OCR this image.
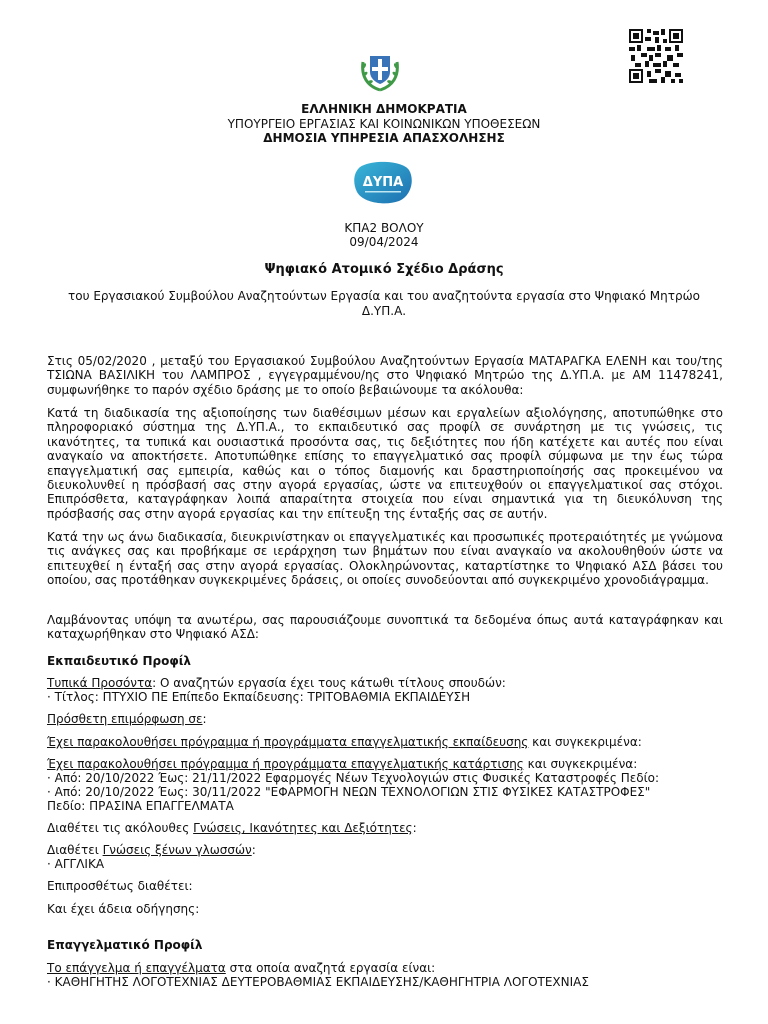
ΕΛΛΗΝΙΚΗ ΔΗΜΟΚΡΑΤΙΑ
ΥΠΟΥΡΓΕΙΟ ΕΡΓΑΣΙΑΣ ΚΑΙ ΚΟΙΝΩΝΙΚΩΝ ΥΠΟΘΕΣΕΩΝ
ΔΗΜΟΣΙΑ ΥΠΗΡΕΣΙΑ ΑΠΑΣΧΟΛΗΣΗΣ
ΔΥΠΑ
ΚΠΑ2 ΒΟΛΟΥ
09/04/2024
Ψηφιακό Ατομικό Σχέδιο Δράσης
του Εργασιακού Συμβούλου Αναζητούντων Εργασία και του αναζητούντα εργασία στο Ψηφιακό Μητρώο
Δ.ΥΠ.Α.
Στις 05/02/2020 , μεταξύ του Εργασιακού Συμβούλου Αναζητούντων Εργασία ΜΑΤΑΡΑΓΚΑ ΕΛΕΝΗ και του/της ΤΣΙΩΝΑ ΒΑΣΙΛΙΚΗ του ΛΑΜΠΡΟΣ , εγγεγραμμένου/ης στο Ψηφιακό Μητρώο της Δ.ΥΠ.Α. με ΑΜ 11478241, συμφωνήθηκε το παρόν σχέδιο δράσης με το οποίο βεβαιώνουμε τα ακόλουθα:
Κατά τη διαδικασία της αξιοποίησης των διαθέσιμων μέσων και εργαλείων αξιολόγησης, αποτυπώθηκε στο πληροφοριακό σύστημα της Δ.ΥΠ.Α., το εκπαιδευτικό σας προφίλ σε συνάρτηση με τις γνώσεις, τις ικανότητες, τα τυπικά και ουσιαστικά προσόντα σας, τις δεξιότητες που ήδη κατέχετε και αυτές που είναι αναγκαίο να αποκτήσετε. Αποτυπώθηκε επίσης το επαγγελματικό σας προφίλ σύμφωνα με την έως τώρα επαγγελματική σας εμπειρία, καθώς και ο τόπος διαμονής και δραστηριοποίησής σας προκειμένου να διευκολυνθεί η πρόσβασή σας στην αγορά εργασίας, ώστε να επιτευχθούν οι επαγγελματικοί σας στόχοι. Επιπρόσθετα, καταγράφηκαν λοιπά απαραίτητα στοιχεία που είναι σημαντικά για τη διευκόλυνση της πρόσβασής σας στην αγορά εργασίας και την επίτευξη της ένταξής σας σε αυτήν.
Κατά την ως άνω διαδικασία, διευκρινίστηκαν οι επαγγελματικές και προσωπικές προτεραιότητές με γνώμονα τις ανάγκες σας και προβήκαμε σε ιεράρχηση των βημάτων που είναι αναγκαίο να ακολουθηθούν ώστε να επιτευχθεί η ένταξή σας στην αγορά εργασίας. Ολοκληρώνοντας, καταρτίστηκε το Ψηφιακό ΑΣΔ βάσει του οποίου, σας προτάθηκαν συγκεκριμένες δράσεις, οι οποίες συνοδεύονται από συγκεκριμένο χρονοδιάγραμμα.
Λαμβάνοντας υπόψη τα ανωτέρω, σας παρουσιάζουμε συνοπτικά τα δεδομένα όπως αυτά καταγράφηκαν και καταχωρήθηκαν στο Ψηφιακό ΑΣΔ:
Εκπαιδευτικό Προφίλ
Τυπικά Προσόντα: Ο αναζητών εργασία έχει τους κάτωθι τίτλους σπουδών:
· Τίτλος: ΠΤΥΧΙΟ ΠΕ Επίπεδο Εκπαίδευσης: ΤΡΙΤΟΒΑΘΜΙΑ ΕΚΠΑΙΔΕΥΣΗ
Πρόσθετη επιμόρφωση σε:
Έχει παρακολουθήσει πρόγραμμα ή προγράμματα επαγγελματικής εκπαίδευσης και συγκεκριμένα:
Έχει παρακολουθήσει πρόγραμμα ή προγράμματα επαγγελματικής κατάρτισης και συγκεκριμένα:
· Από: 20/10/2022 Έως: 21/11/2022 Εφαρμογές Νέων Τεχνολογιών στις Φυσικές Καταστροφές Πεδίο:
· Από: 20/10/2022 Έως: 30/11/2022 "ΕΦΑΡΜΟΓΗ ΝΕΩΝ ΤΕΧΝΟΛΟΓΙΩΝ ΣΤΙΣ ΦΥΣΙΚΕΣ ΚΑΤΑΣΤΡΟΦΕΣ"
Πεδίο: ΠΡΑΣΙΝΑ ΕΠΑΓΓΕΛΜΑΤΑ
Διαθέτει τις ακόλουθες Γνώσεις, Ικανότητες και Δεξιότητες:
Διαθέτει Γνώσεις ξένων γλωσσών:
· ΑΓΓΛΙΚΑ
Επιπροσθέτως διαθέτει:
Και έχει άδεια οδήγησης:
Επαγγελματικό Προφίλ
Το επάγγελμα ή επαγγέλματα στα οποία αναζητά εργασία είναι:
· ΚΑΘΗΓΗΤΗΣ ΛΟΓΟΤΕΧΝΙΑΣ ΔΕΥΤΕΡΟΒΑΘΜΙΑΣ ΕΚΠΑΙΔΕΥΣΗΣ/ΚΑΘΗΓΗΤΡΙΑ ΛΟΓΟΤΕΧΝΙΑΣ
